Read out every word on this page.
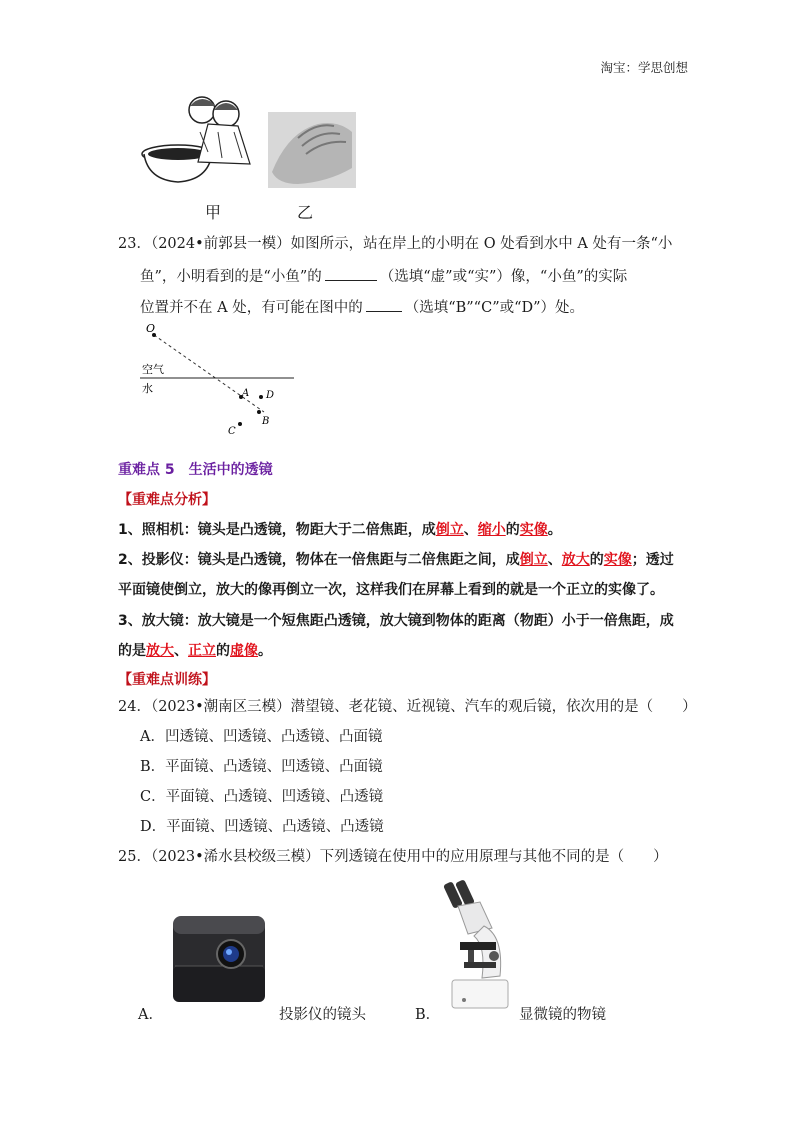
淘宝：学思创想
甲	乙
23．（2024•前郭县一模）如图所示，站在岸上的小明在 O 处看到水中 A 处有一条“小
鱼”，小明看到的是“小鱼”的	（选填“虚”或“实”）像，“小鱼”的实际
位置并不在 A 处，有可能在图中的	（选填“B”“C”或“D”）处。
O
空气
水	A D
B
C
重难点 5　生活中的透镜
【重难点分析】
1、照相机：镜头是凸透镜，物距大于二倍焦距，成倒立、缩小的实像。
2、投影仪：镜头是凸透镜，物体在一倍焦距与二倍焦距之间，成倒立、放大的实像；透过
平面镜使倒立，放大的像再倒立一次，这样我们在屏幕上看到的就是一个正立的实像了。
3、放大镜：放大镜是一个短焦距凸透镜，放大镜到物体的距离（物距）小于一倍焦距，成
的是放大、正立的虚像。
【重难点训练】
24．（2023•潮南区三模）潜望镜、老花镜、近视镜、汽车的观后镜，依次用的是（　　）
A．凹透镜、凹透镜、凸透镜、凸面镜
B．平面镜、凸透镜、凹透镜、凸面镜
C．平面镜、凸透镜、凹透镜、凸透镜
D．平面镜、凹透镜、凸透镜、凸透镜
25．（2023•浠水县校级三模）下列透镜在使用中的应用原理与其他不同的是（　　）
A．	投影仪的镜头	B．	显微镜的物镜
